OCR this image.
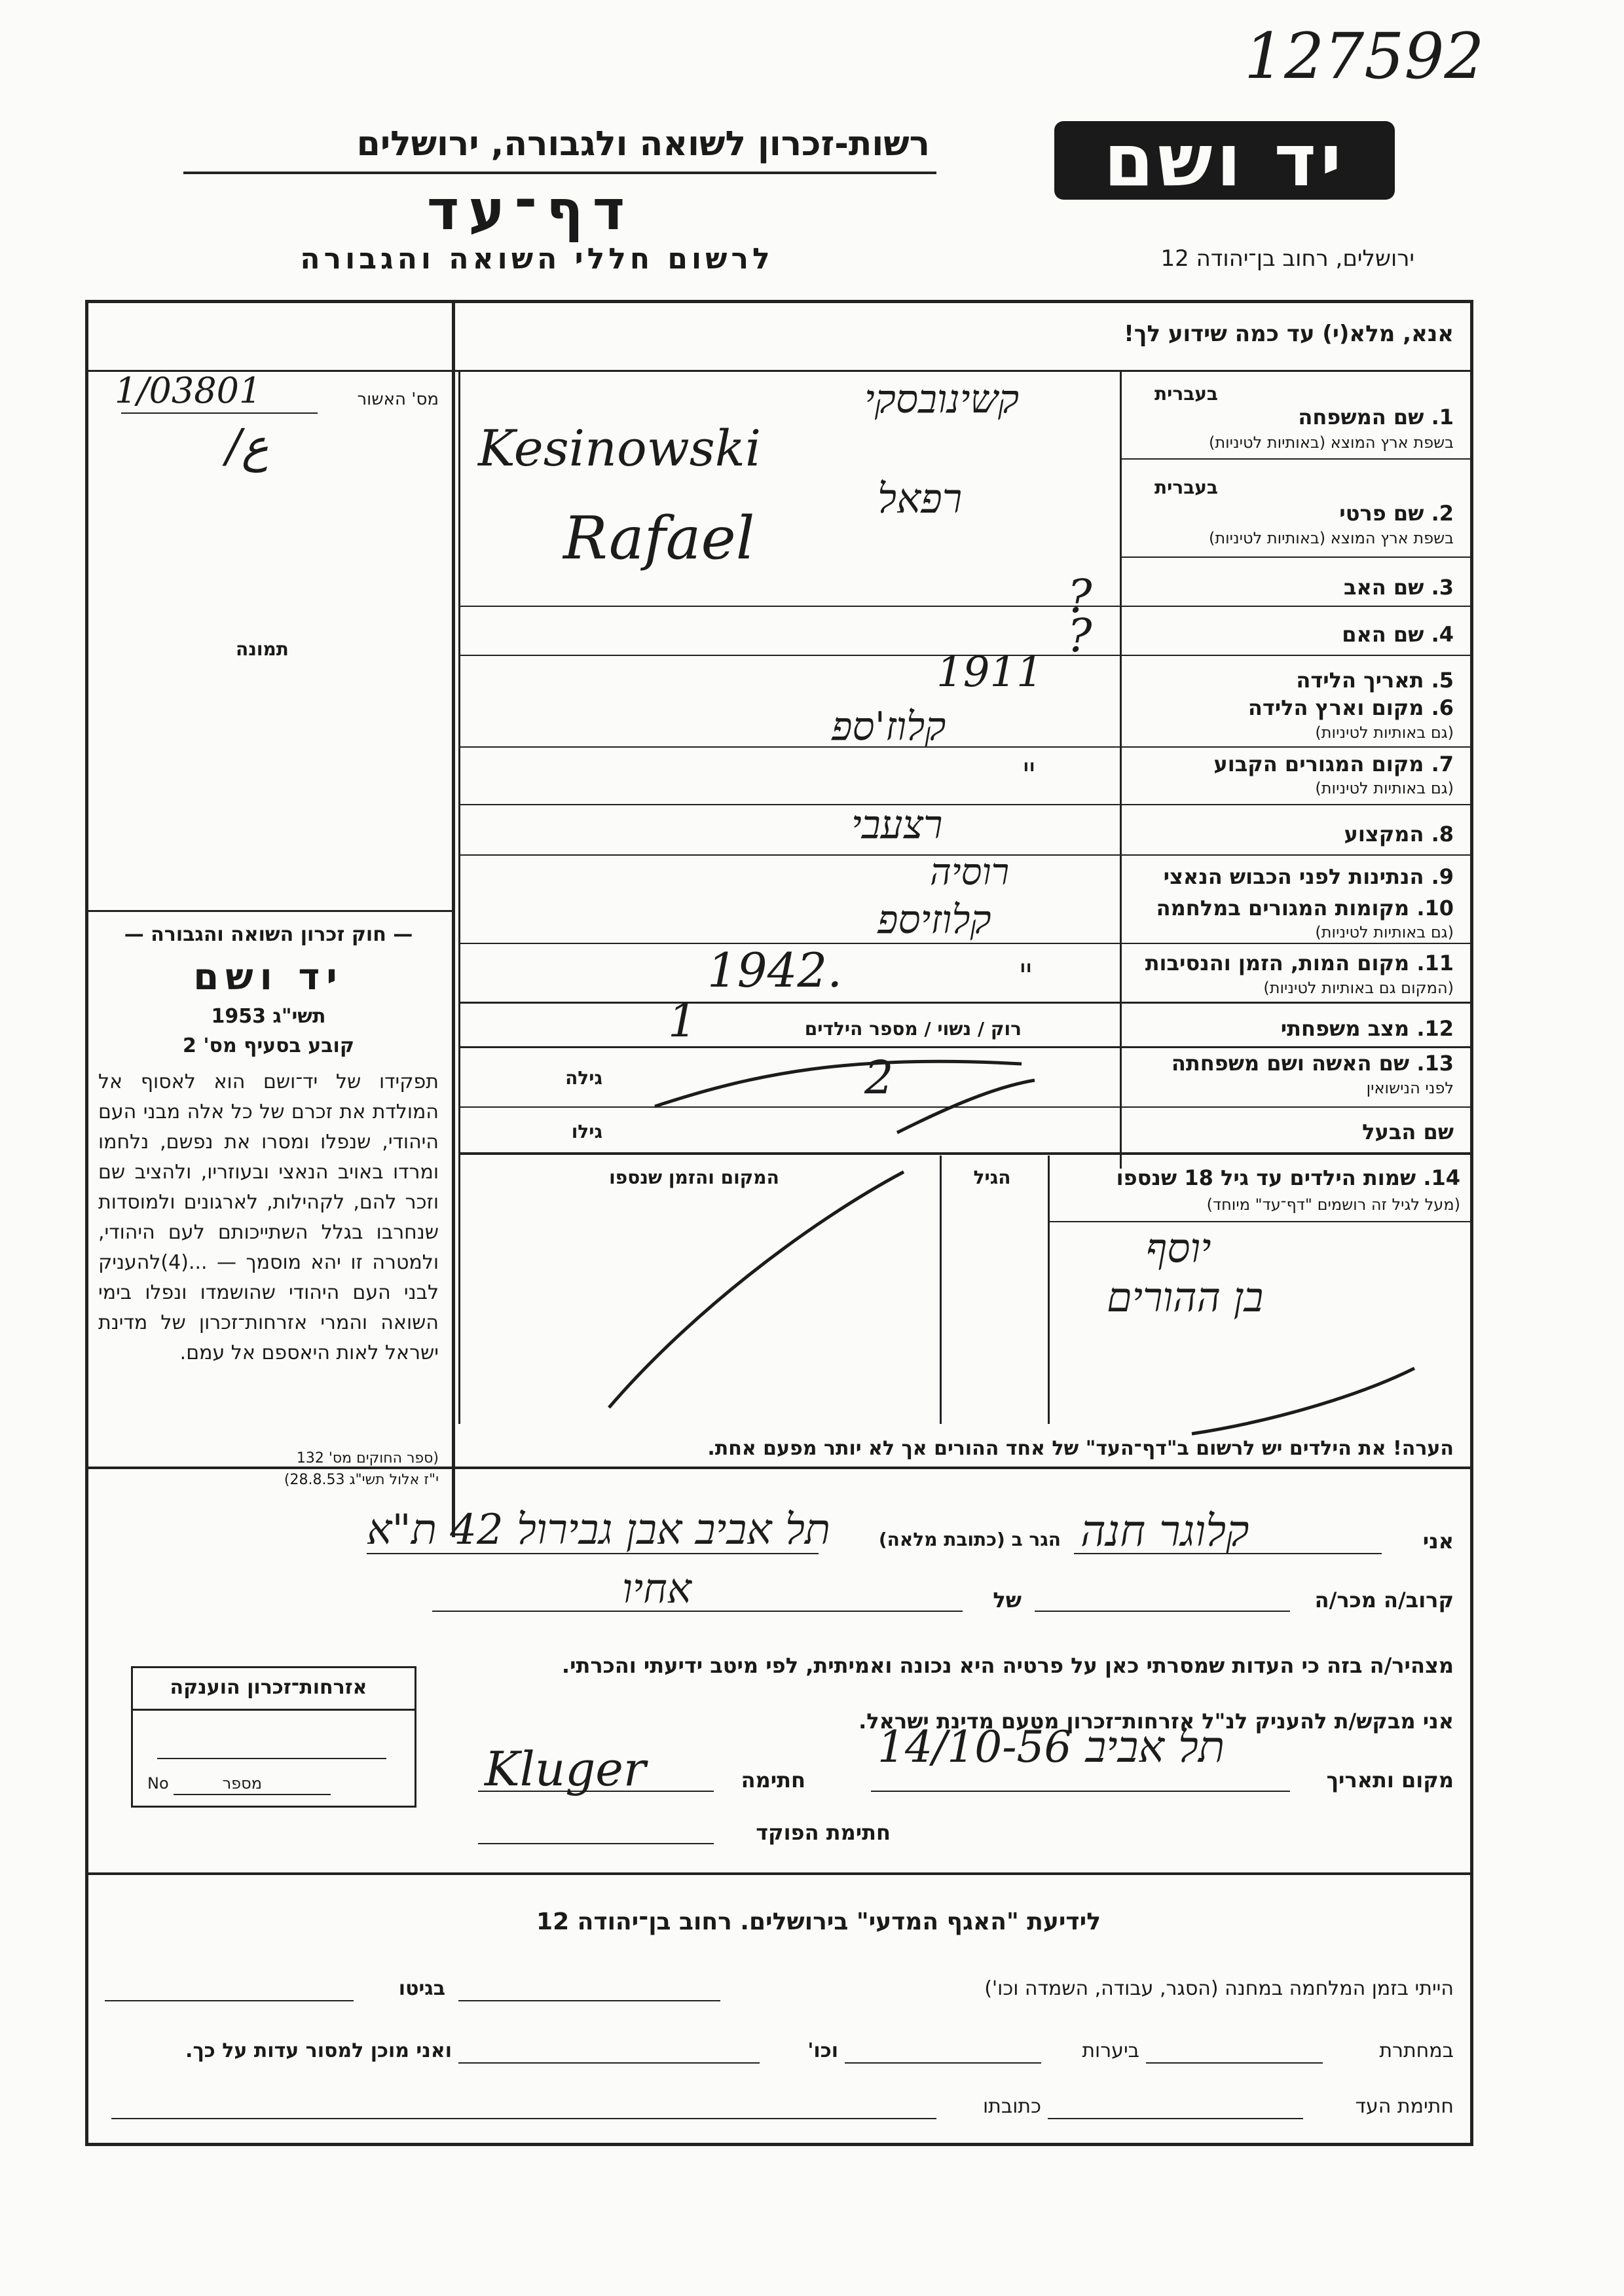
127592
רשות-זכרון לשואה ולגבורה, ירושלים
דף־עד
לרשום חללי השואה והגבורה
יד ושם
ירושלים, רחוב בן־יהודה 12
אנא, מלא(י) עד כמה שידוע לך!
מס' האשור
1/03801
/ع
תמונה
— חוק זכרון השואה והגבורה —
יד ושם
תשי"ג 1953
קובע בסעיף מס' 2
תפקידו של יד־ושם הוא לאסוף אל המולדת את זכרם של כל אלה מבני העם היהודי, שנפלו ומסרו את נפשם, נלחמו ומרדו באויב הנאצי ובעוזריו, ולהציב שם וזכר להם, לקהילות, לארגונים ולמוסדות שנחרבו בגלל השתייכותם לעם היהודי, ולמטרה זו יהא מוסמך — ...(4)להעניק לבני העם היהודי שהושמדו ונפלו בימי השואה והמרי אזרחות־זכרון של מדינת ישראל לאות היאספם אל עמם.
(ספר החוקים מס' 132
י"ז אלול תשי"ג 28.8.53)
אזרחות־זכרון הוענקה
מספר
No
בעברית
1. שם המשפחה
בשפת ארץ המוצא (באותיות לטיניות)
בעברית
2. שם פרטי
בשפת ארץ המוצא (באותיות לטיניות)
3. שם האב
4. שם האם
5. תאריך הלידה
6. מקום וארץ הלידה
(גם באותיות לטיניות)
7. מקום המגורים הקבוע
(גם באותיות לטיניות)
8. המקצוע
9. הנתינות לפני הכבוש הנאצי
10. מקומות המגורים במלחמה
(גם באותיות לטיניות)
11. מקום המות, הזמן והנסיבות
(המקום גם באותיות לטיניות)
12. מצב משפחתי
רוק / נשוי / מספר הילדים
13. שם האשה ושם משפחתה
לפני הנישואין
גילה
שם הבעל
גילו
14. שמות הילדים עד גיל 18 שנספו
(מעל לגיל זה רושמים "דף־עד" מיוחד)
הגיל
המקום והזמן שנספו
הערה! את הילדים יש לרשום ב"דף־העד" של אחד ההורים אך לא יותר מפעם אחת.
קשינובסקי
Kesinowski
רפאל
Rafael
?
?
1911
קלוז'ספ
"
רצעבי
רוסיה
קלוזיספ
1942.	"
1
2
יוסף
בן ההורים
אני
הגר ב (כתובת מלאה) קלוגר חנה
תל אביב אבן גבירול 42 ת"א
קרוב/ה מכר/ה
של
אחיו
מצהיר/ה בזה כי העדות שמסרתי כאן על פרטיה היא נכונה ואמיתית, לפי מיטב ידיעתי והכרתי.
אני מבקש/ת להעניק לנ"ל אזרחות־זכרון מטעם מדינת ישראל.
מקום ותאריך
תל אביב 14/10-56
חתימה
Kluger
חתימת הפוקד
לידיעת "האגף המדעי" בירושלים. רחוב בן־יהודה 12
הייתי בזמן המלחמה במחנה (הסגר, עבודה, השמדה וכו')
בגיטו
במחתרת
ביערות
וכו'
ואני מוכן למסור עדות על כך.
חתימת העד
כתובתו
